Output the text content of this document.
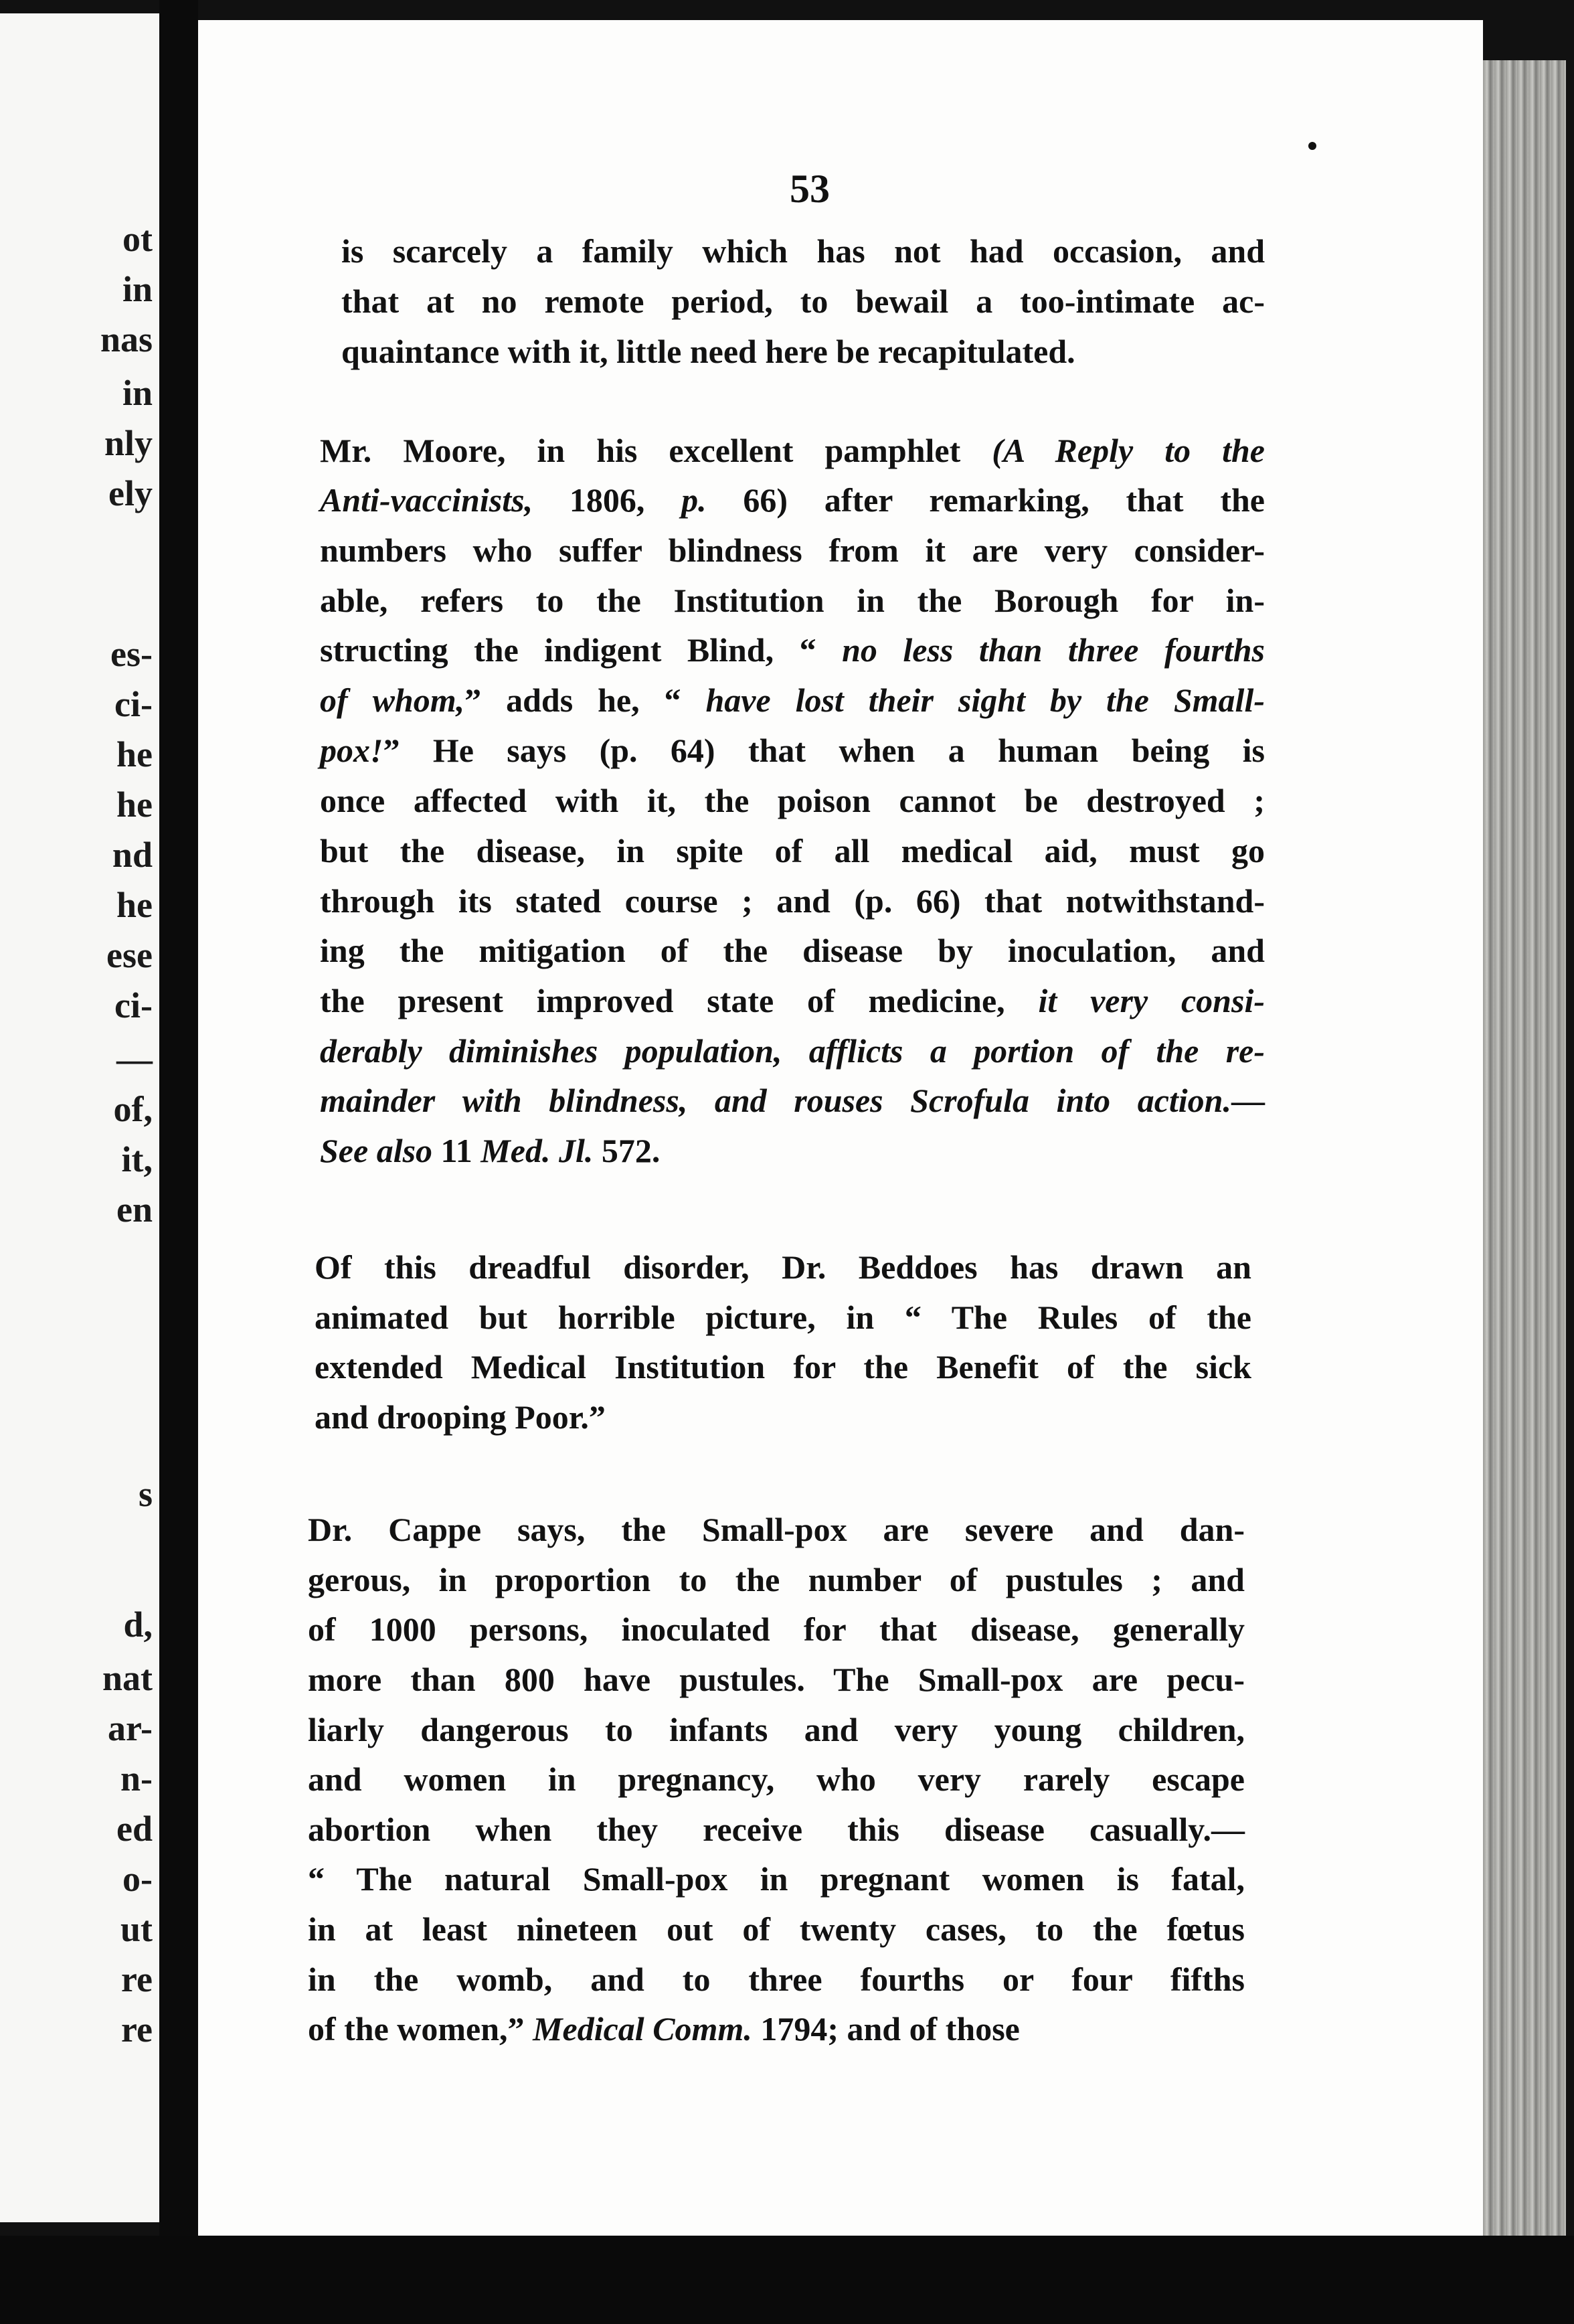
ot
in
nas
in
nly
ely
es-
ci-
he
he
nd
he
ese
ci-
—
of,
it,
en
s
d,
nat
ar-
n-
ed
o-
ut
re
re
53
is scarcely a family which has not had occasion, and
that at no remote period, to bewail a too-intimate ac-
quaintance with it, little need here be recapitulated.
Mr. Moore, in his excellent pamphlet (A Reply to the
Anti-vaccinists, 1806, p. 66) after remarking, that the
numbers who suffer blindness from it are very consider-
able, refers to the Institution in the Borough for in-
structing the indigent Blind, “ no less than three fourths
of whom,” adds he, “ have lost their sight by the Small-
pox!” He says (p. 64) that when a human being is
once affected with it, the poison cannot be destroyed ;
but the disease, in spite of all medical aid, must go
through its stated course ; and (p. 66) that notwithstand-
ing the mitigation of the disease by inoculation, and
the present improved state of medicine, it very consi-
derably diminishes population, afflicts a portion of the re-
mainder with blindness, and rouses Scrofula into action.—
See also 11 Med. Jl. 572.
Of this dreadful disorder, Dr. Beddoes has drawn an
animated but horrible picture, in “ The Rules of the
extended Medical Institution for the Benefit of the sick
and drooping Poor.”
Dr. Cappe says, the Small-pox are severe and dan-
gerous, in proportion to the number of pustules ; and
of 1000 persons, inoculated for that disease, generally
more than 800 have pustules. The Small-pox are pecu-
liarly dangerous to infants and very young children,
and women in pregnancy, who very rarely escape
abortion when they receive this disease casually.—
“ The natural Small-pox in pregnant women is fatal,
in at least nineteen out of twenty cases, to the fœtus
in the womb, and to three fourths or four fifths
of the women,” Medical Comm. 1794; and of those
